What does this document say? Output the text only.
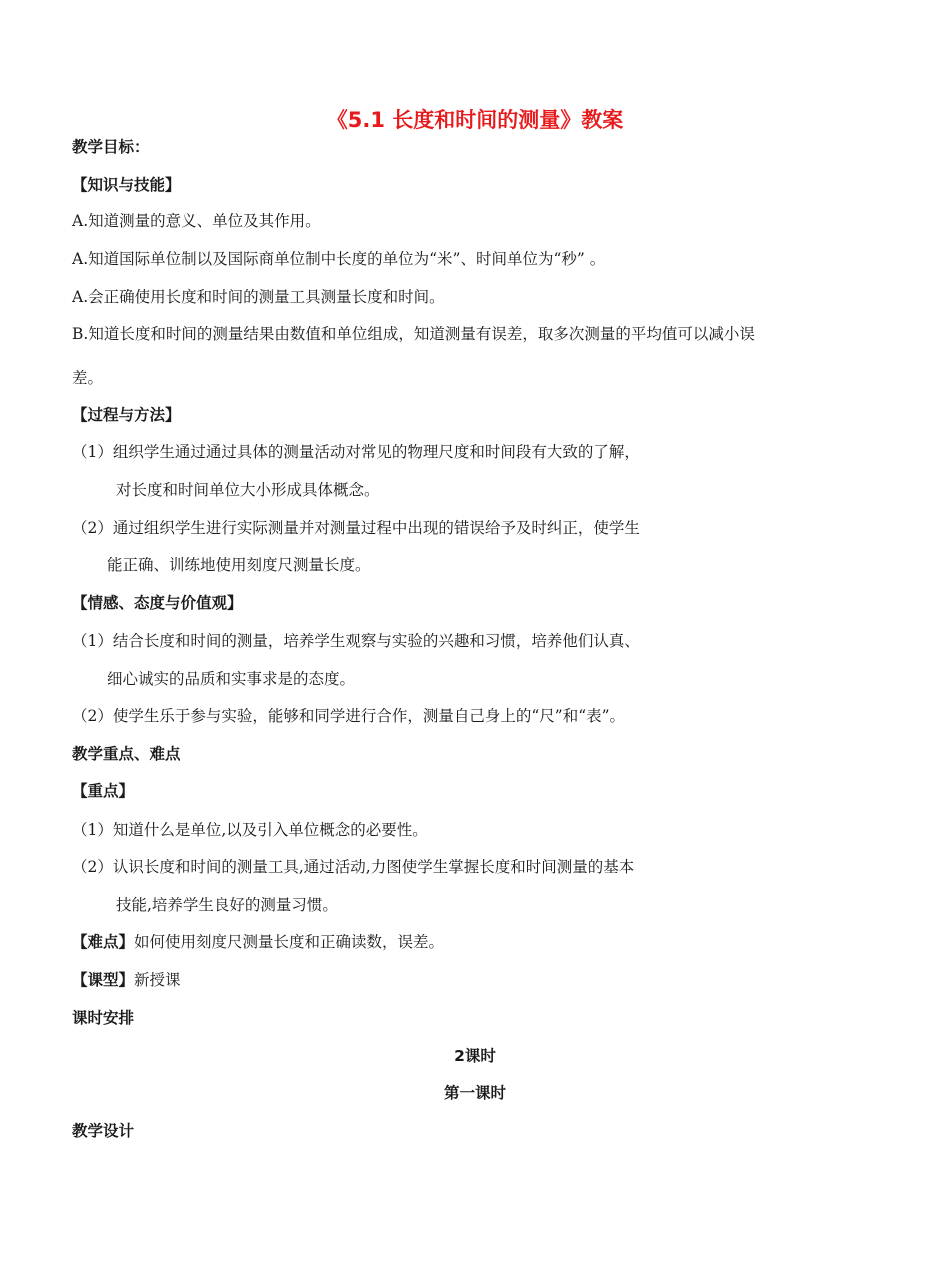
《5.1 长度和时间的测量》教案
教学目标：
【知识与技能】
A.知道测量的意义、单位及其作用。
A.知道国际单位制以及国际商单位制中长度的单位为“米”、时间单位为“秒” 。
A.会正确使用长度和时间的测量工具测量长度和时间。
B.知道长度和时间的测量结果由数值和单位组成，知道测量有误差，取多次测量的平均值可以减小误
差。
【过程与方法】
（1）组织学生通过通过具体的测量活动对常见的物理尺度和时间段有大致的了解，
对长度和时间单位大小形成具体概念。
（2）通过组织学生进行实际测量并对测量过程中出现的错误给予及时纠正，使学生
能正确、训练地使用刻度尺测量长度。
【情感、态度与价值观】
（1）结合长度和时间的测量，培养学生观察与实验的兴趣和习惯，培养他们认真、
细心诚实的品质和实事求是的态度。
（2）使学生乐于参与实验，能够和同学进行合作，测量自己身上的“尺”和“表”。
教学重点、难点
【重点】
（1）知道什么是单位,以及引入单位概念的必要性。
（2）认识长度和时间的测量工具,通过活动,力图使学生掌握长度和时间测量的基本
技能,培养学生良好的测量习惯。
【难点】如何使用刻度尺测量长度和正确读数，误差。
【课型】新授课
课时安排
2课时
第一课时
教学设计
